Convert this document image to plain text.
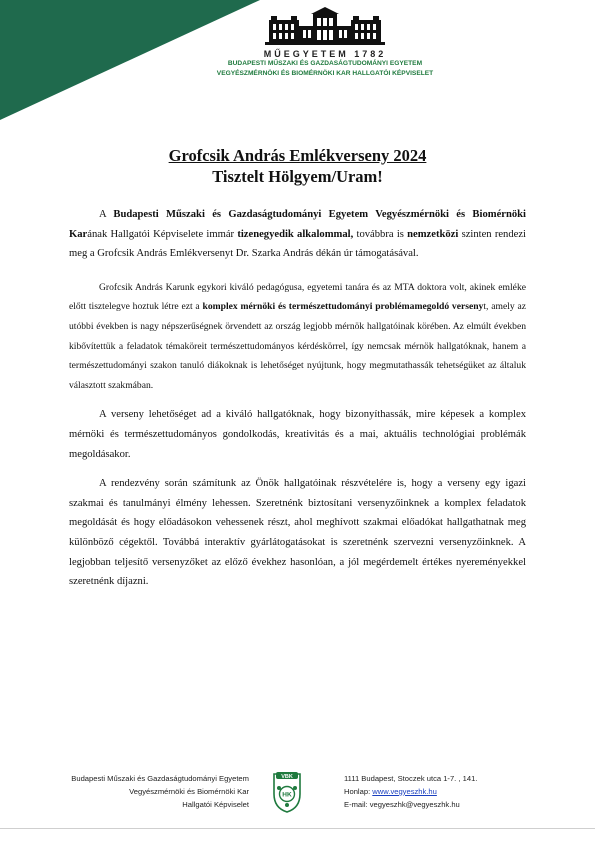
MŰEGYETEM 1782
BUDAPESTI MŰSZAKI ÉS GAZDASÁGTUDOMÁNYI EGYETEM
VEGYÉSZMÉRNÖKI ÉS BIOMÉRNÖKI KAR HALLGATÓI KÉPVISELET
Grofcsik András Emlékverseny 2024
Tisztelt Hölgyem/Uram!

A Budapesti Műszaki és Gazdaságtudományi Egyetem Vegyészmérnöki és Biomérnöki Karának Hallgatói Képviselete immár tizenegyedik alkalommal, továbbra is nemzetközi szinten rendezi meg a Grofcsik András Emlékversenyt Dr. Szarka András dékán úr támogatásával.

Grofcsik András Karunk egykori kiváló pedagógusa, egyetemi tanára és az MTA doktora volt, akinek emléke előtt tisztelegve hoztuk létre ezt a komplex mérnöki és természettudományi problémamegoldó versenyt, amely az utóbbi években is nagy népszerűségnek örvendett az ország legjobb mérnök hallgatóinak körében. Az elmúlt években kibővítettük a feladatok témaköreit természettudományos kérdéskörrel, így nemcsak mérnök hallgatóknak, hanem a természettudományi szakon tanuló diákoknak is lehetőséget nyújtunk, hogy megmutathassák tehetségüket az általuk választott szakmában.

A verseny lehetőséget ad a kiváló hallgatóknak, hogy bizonyíthassák, mire képesek a komplex mérnöki és természettudományos gondolkodás, kreativitás és a mai, aktuális technológiai problémák megoldásakor.

A rendezvény során számítunk az Önök hallgatóinak részvételére is, hogy a verseny egy igazi szakmai és tanulmányi élmény lehessen. Szeretnénk biztosítani versenyzőinknek a komplex feladatok megoldását és hogy előadásokon vehessenek részt, ahol meghívott szakmai előadókat hallgathatnak meg különböző cégektől. Továbbá interaktív gyárlátogatásokat is szeretnénk szervezni versenyzőinknek. A legjobban teljesítő versenyzőket az előző évekhez hasonlóan, a jól megérdemelt értékes nyereményekkel szeretnénk díjazni.

Budapesti Műszaki és Gazdaságtudományi Egyetem
Vegyészmérnöki és Biomérnöki Kar
Hallgatói Képviselet
VBK
HK
1111 Budapest, Stoczek utca 1-7. , 141.
Honlap: www.vegyeszhk.hu
E-mail: vegyeszhk@vegyeszhk.hu
